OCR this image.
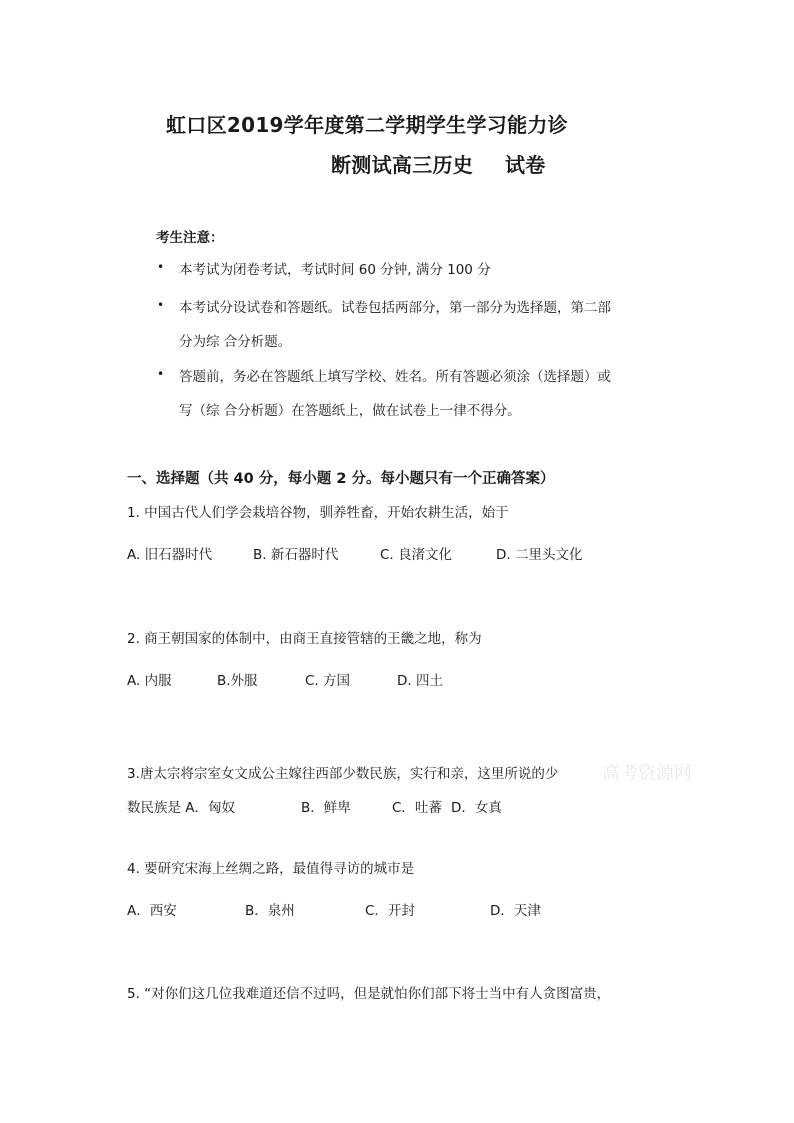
虹口区2019学年度第二学期学生学习能力诊
断测试高三历史 试卷
考生注意：
• 本考试为闭卷考试，考试时间 60 分钟, 满分 100 分
• 本考试分设试卷和答题纸。试卷包括两部分，第一部分为选择题，第二部
分为综 合分析题。
• 答题前，务必在答题纸上填写学校、姓名。所有答题必须涂（选择题）或
写（综 合分析题）在答题纸上，做在试卷上一律不得分。
一、选择题（共 40 分，每小题 2 分。每小题只有一个正确答案）
1. 中国古代人们学会栽培谷物，驯养牲畜，开始农耕生活，始于
A. 旧石器时代	B. 新石器时代	C. 良渚文化	D. 二里头文化
2. 商王朝国家的体制中，由商王直接管辖的王畿之地，称为
A. 内服	B.外服	C. 方国	D. 四土
3.唐太宗将宗室女文成公主嫁往西部少数民族，实行和亲，这里所说的少
数民族是 A．匈奴	B．鲜卑	C．吐蕃 D．女真
高考资源网
4. 要研究宋海上丝绸之路，最值得寻访的城市是
A．西安	B．泉州	C．开封	D．天津
5. “对你们这几位我难道还信不过吗，但是就怕你们部下将士当中有人贪图富贵，
